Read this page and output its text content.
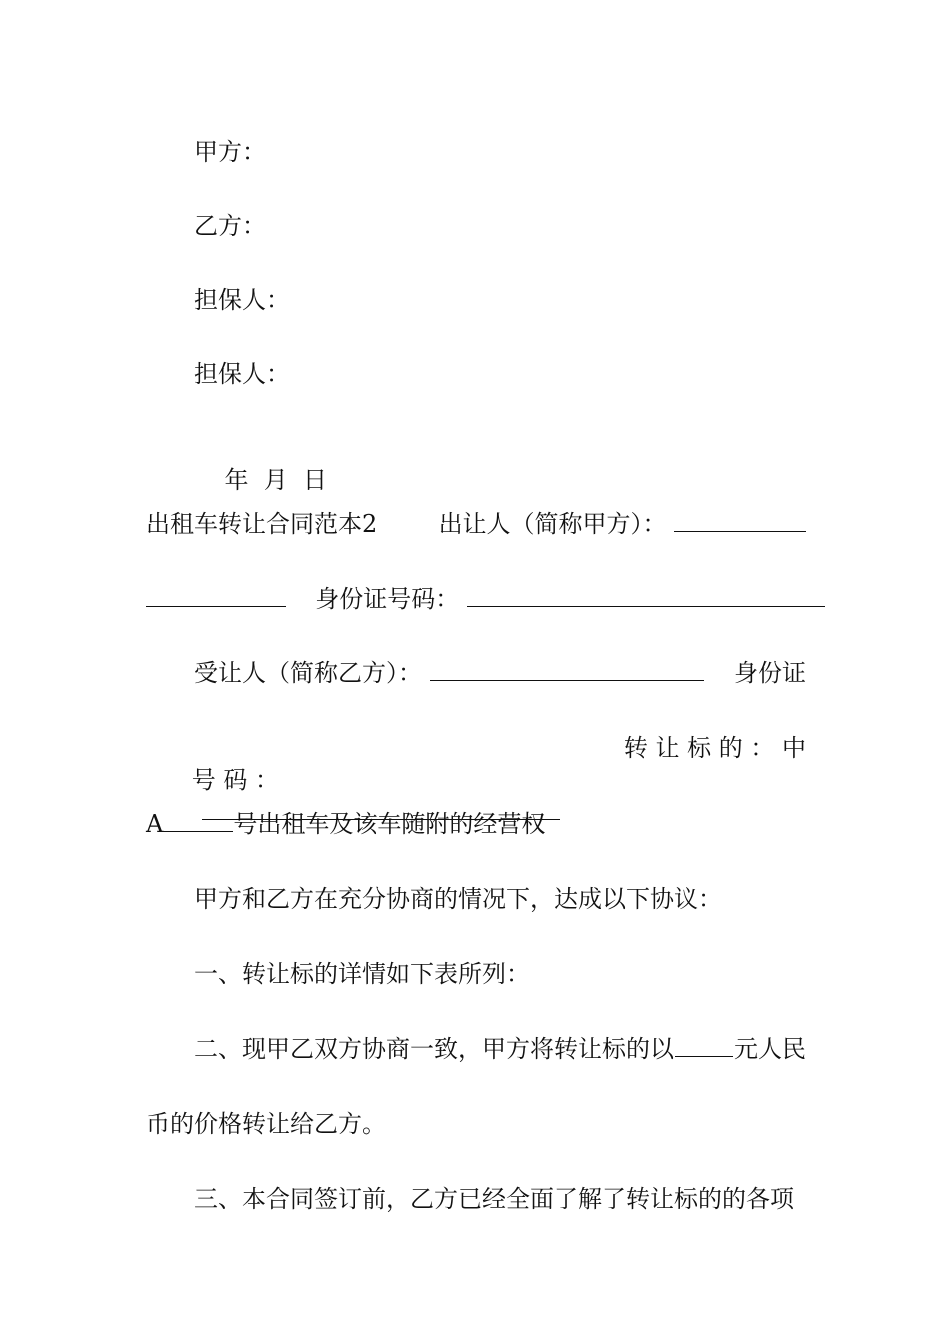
甲方：
乙方：
担保人：
担保人：

年  月  日

出租车转让合同范本2	出让人（简称甲方）：
身份证号码：
受让人（简称乙方）：	身份证

号 码 ：

转 让 标 的 ： 中
A	号出租车及该车随附的经营权
甲方和乙方在充分协商的情况下，达成以下协议：
一、转让标的详情如下表所列：
二、现甲乙双方协商一致，甲方将转让标的以	元人民
币的价格转让给乙方。
三、本合同签订前，乙方已经全面了解了转让标的的各项
